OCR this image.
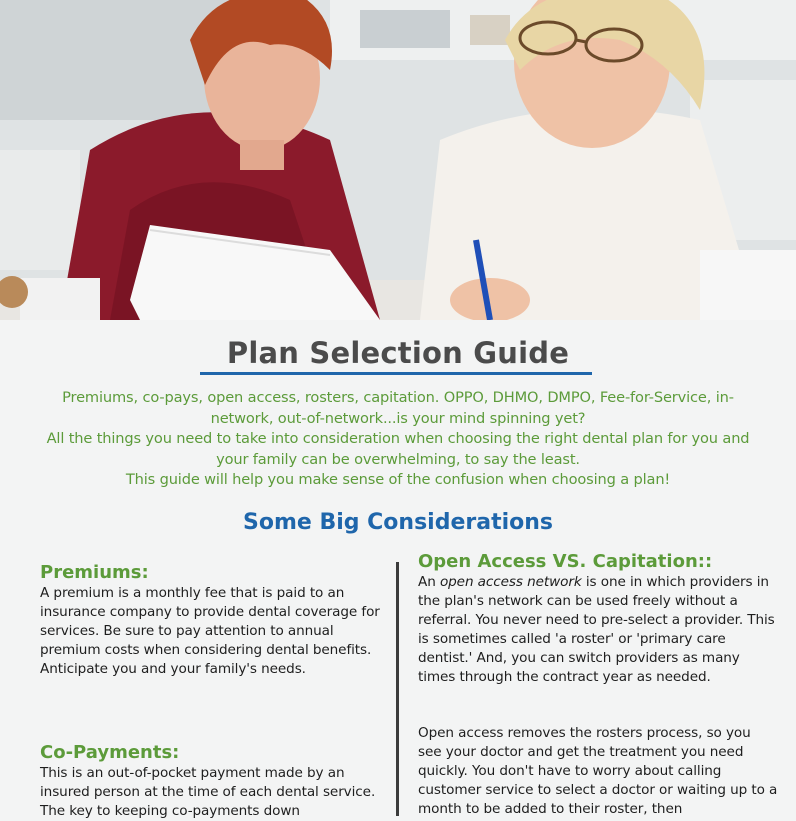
Plan Selection Guide

Premiums, co-pays, open access, rosters, capitation. OPPO, DHMO, DMPO, Fee-for-Service, in-network, out-of-network...is your mind spinning yet?

All the things you need to take into consideration when choosing the right dental plan for you and your family can be overwhelming, to say the least.

This guide will help you make sense of the confusion when choosing a plan!

Some Big Considerations
Premiums:

A premium is a monthly fee that is paid to an insurance company to provide dental coverage for services. Be sure to pay attention to annual premium costs when considering dental benefits. Anticipate you and your family's needs.

Co-Payments:

This is an out-of-pocket payment made by an insured person at the time of each dental service. The key to keeping co-payments down

Open Access VS. Capitation::

An open access network is one in which providers in the plan's network can be used freely without a referral. You never need to pre-select a provider. This is sometimes called 'a roster' or 'primary care dentist.' And, you can switch providers as many times through the contract year as needed.

Open access removes the rosters process, so you see your doctor and get the treatment you need quickly. You don't have to worry about calling customer service to select a doctor or waiting up to a month to be added to their roster, then
